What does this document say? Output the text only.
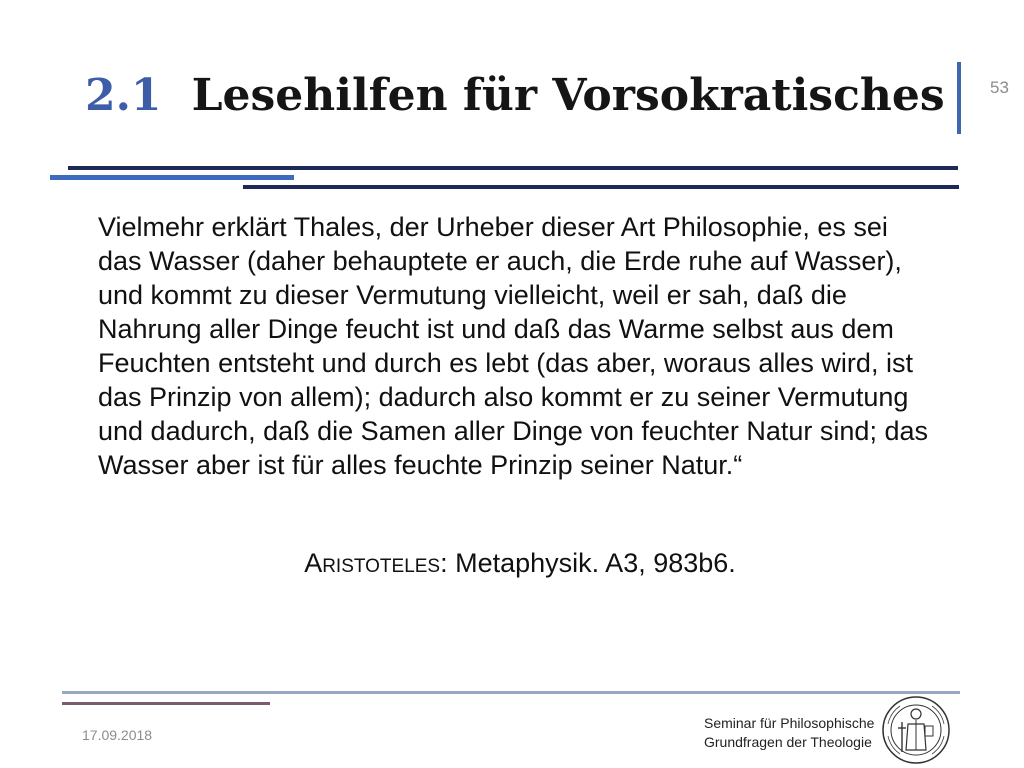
2.1 Lesehilfen für Vorsokratisches	53

Vielmehr erklärt Thales, der Urheber dieser Art Philosophie, es sei das Wasser (daher behauptete er auch, die Erde ruhe auf Wasser), und kommt zu dieser Vermutung vielleicht, weil er sah, daß die Nahrung aller Dinge feucht ist und daß das Warme selbst aus dem Feuchten entsteht und durch es lebt (das aber, woraus alles wird, ist das Prinzip von allem); dadurch also kommt er zu seiner Vermutung und dadurch, daß die Samen aller Dinge von feuchter Natur sind; das Wasser aber ist für alles feuchte Prinzip seiner Natur.“

Aristoteles: Metaphysik. A3, 983b6.

17.09.2018
Seminar für Philosophische
Grundfragen der Theologie
